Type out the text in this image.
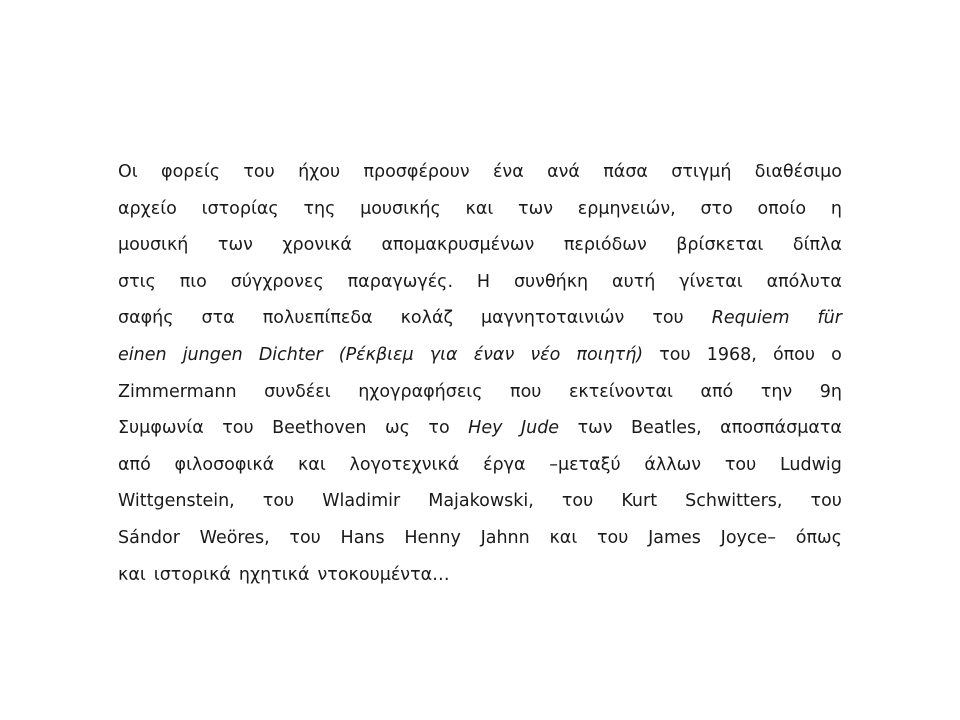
Οι φορείς του ήχου προσφέρουν ένα ανά πάσα στιγμή διαθέσιμο
αρχείο ιστορίας της μουσικής και των ερμηνειών, στο οποίο η
μουσική των χρονικά απομακρυσμένων περιόδων βρίσκεται δίπλα
στις πιο σύγχρονες παραγωγές. Η συνθήκη αυτή γίνεται απόλυτα
σαφής στα πολυεπίπεδα κολάζ μαγνητοταινιών του Requiem für
einen jungen Dichter (Ρέκβιεμ για έναν νέο ποιητή) του 1968, όπου ο
Zimmermann συνδέει ηχογραφήσεις που εκτείνονται από την 9η
Συμφωνία του Beethoven ως το Hey Jude των Beatles, αποσπάσματα
από φιλοσοφικά και λογοτεχνικά έργα –μεταξύ άλλων του Ludwig
Wittgenstein, του Wladimir Majakowski, του Kurt Schwitters, του
Sándor Weöres, του Hans Henny Jahnn και του James Joyce– όπως
και ιστορικά ηχητικά ντοκουμέντα…
